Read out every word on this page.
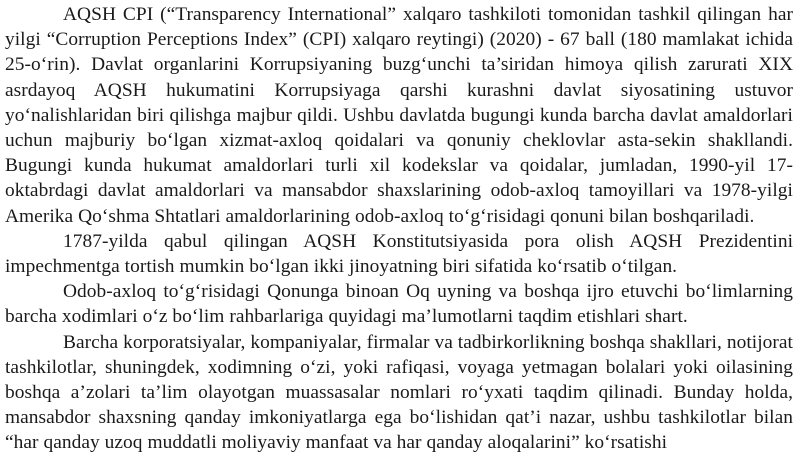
AQSH CPI (“Transparency International” xalqaro tashkiloti tomonidan tashkil qilingan har yilgi “Corruption Perceptions Index” (CPI) xalqaro reytingi) (2020) - 67 ball (180 mamlakat ichida 25-o‘rin). Davlat organlarini Korrupsiyaning buzg‘unchi ta’siridan himoya qilish zarurati XIX asrdayoq AQSH hukumatini Korrupsiyaga qarshi kurashni davlat siyosatining ustuvor yo‘nalishlaridan biri qilishga majbur qildi. Ushbu davlatda bugungi kunda barcha davlat amaldorlari uchun majburiy bo‘lgan xizmat-axloq qoidalari va qonuniy cheklovlar asta-sekin shakllandi. Bugungi kunda hukumat amaldorlari turli xil kodekslar va qoidalar, jumladan, 1990-yil 17-oktabrdagi davlat amaldorlari va mansabdor shaxslarining odob-axloq tamoyillari va 1978-yilgi Amerika Qo‘shma Shtatlari amaldorlarining odob-axloq to‘g‘risidagi qonuni bilan boshqariladi.

1787-yilda qabul qilingan AQSH Konstitutsiyasida pora olish AQSH Prezidentini impechmentga tortish mumkin bo‘lgan ikki jinoyatning biri sifatida ko‘rsatib o‘tilgan.

Odob-axloq to‘g‘risidagi Qonunga binoan Oq uyning va boshqa ijro etuvchi bo‘limlarning barcha xodimlari o‘z bo‘lim rahbarlariga quyidagi ma’lumotlarni taqdim etishlari shart.

Barcha korporatsiyalar, kompaniyalar, firmalar va tadbirkorlikning boshqa shakllari, notijorat tashkilotlar, shuningdek, xodimning o‘zi, yoki rafiqasi, voyaga yetmagan bolalari yoki oilasining boshqa a’zolari ta’lim olayotgan muassasalar nomlari ro‘yxati taqdim qilinadi. Bunday holda, mansabdor shaxsning qanday imkoniyatlarga ega bo‘lishidan qat’i nazar, ushbu tashkilotlar bilan “har qanday uzoq muddatli moliyaviy manfaat va har qanday aloqalarini” ko‘rsatishi
